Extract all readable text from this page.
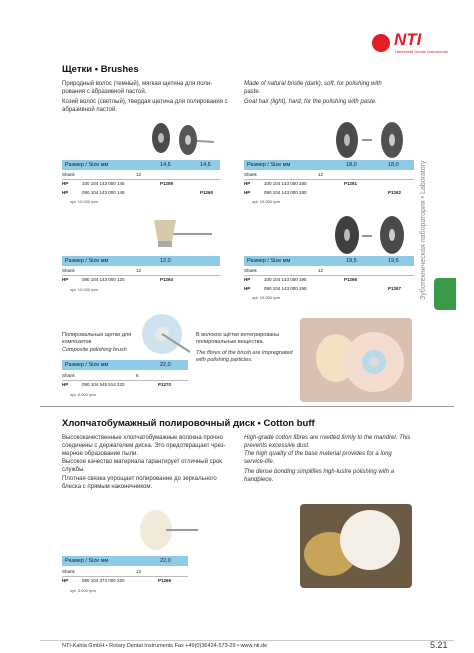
NTI
Hartmetall Dental Instruments
Зуботехническая лаборатория • Laboratory
Щетки • Brushes
Природный волос (темный), мягкая щетина для поли-рования с абразивной пастой.
Козий волос (светлый), твердая щетина для полирования с абразивной пастой.
Made of natural bristle (dark), soft, for polishing with paste.
Goat hair (light), hard, for the polishing with paste.
Размер / Size мм	14,5	14,5
Shank	12
HP	100 104 143 000 145	P1259
HP	090 104 143 000 145	P1260
opt. 10.000 rpm
Размер / Size мм	18,0	18,0
Shank	12
HP	100 104 143 000 180	P1261
HP	090 104 143 000 180	P1262
opt. 10.000 rpm
Размер / Size мм	12,0
Shank	12
HP	090 104 143 000 120	P1264
opt. 10.000 rpm
Размер / Size мм	19,5	19,5
Shank	12
HP	100 104 143 000 195	P1266
HP	090 104 143 000 195	P1267
opt. 10.000 rpm
Полировальные щетки для композитов
Composite polishing brush
Размер / Size мм	22,0
Shank	6
HP	090 104 545 514 220	P1270
opt. 6.000 rpm
В волокно щётки интегрированы полировальные вещества.
The fibres of the brush are impregnated with polishing particles.
Хлопчатобумажный полировочный диск • Cotton buff
Высококачественные хлопчатобумажные волокна прочно соединены с держателем диска. Это предотвращает чрез-мерное образование пыли.
Высокое качество материала гарантирует отличный срок службы.
Плотная связка упрощает полирование до зеркального блеска с прямым наконечником.
High-grade cotton fibres are rivetted firmly to the mandrel. This prevents excessive dust.
The high quality of the base material provides for a long service-life.
The dense bonding simplifies high-lustre polishing with a handpiece.
Размер / Size мм	22,0
Shank	12
HP	090 104 373 000 220	P1269
opt. 3.000 rpm
NTI-Kahla GmbH • Rotary Dental Instruments Fax +49(0)36424-573-29 • www.nti.de	5.21
